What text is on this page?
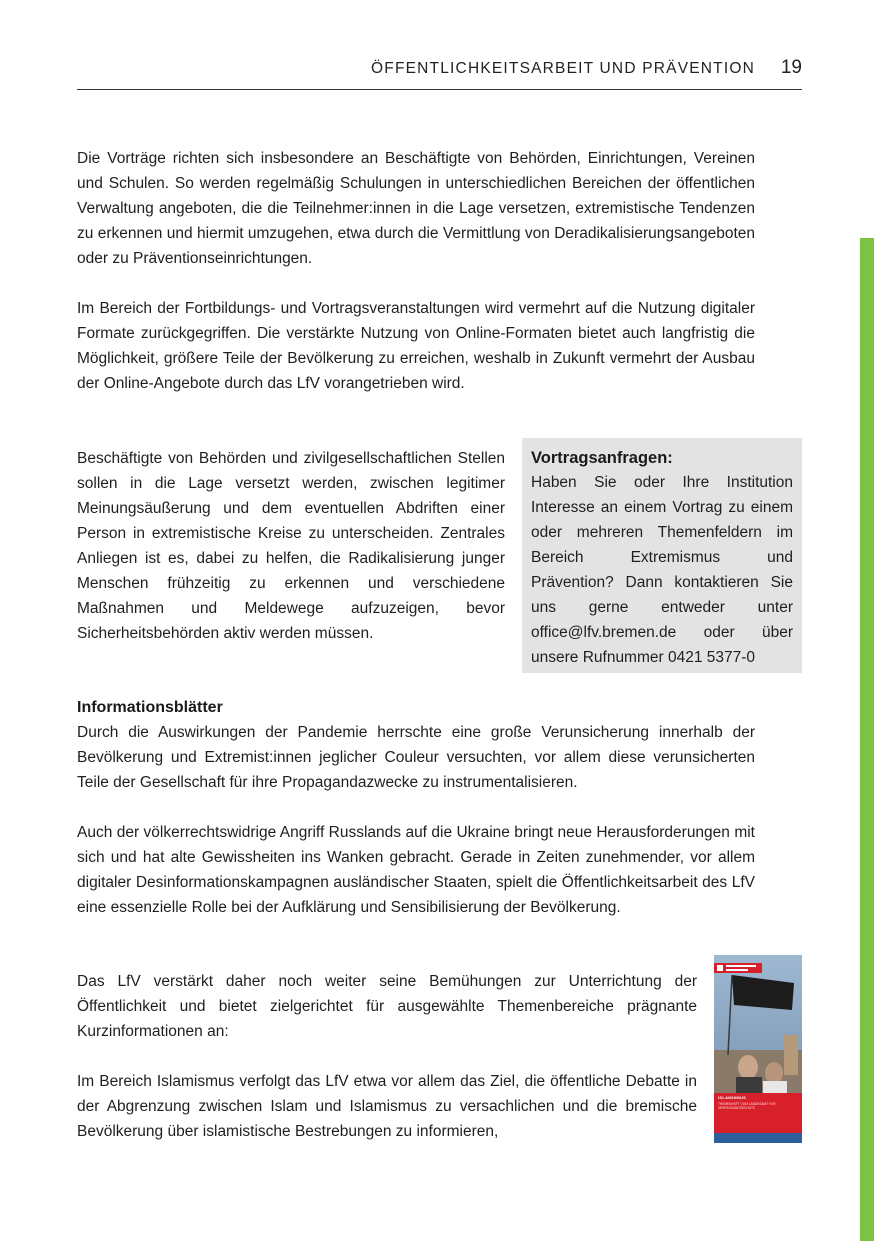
ÖFFENTLICHKEITSARBEIT UND PRÄVENTION	19

Die Vorträge richten sich insbesondere an Beschäftigte von Behörden, Einrichtungen, Vereinen und Schulen. So werden regelmäßig Schulungen in unterschiedlichen Bereichen der öffentlichen Verwaltung angeboten, die die Teilnehmer:innen in die Lage versetzen, extremistische Tendenzen zu erkennen und hiermit umzugehen, etwa durch die Vermittlung von Deradikalisierungsangeboten oder zu Präventionseinrichtungen.

Im Bereich der Fortbildungs- und Vortragsveranstaltungen wird vermehrt auf die Nutzung digitaler Formate zurückgegriffen. Die verstärkte Nutzung von Online-Formaten bietet auch langfristig die Möglichkeit, größere Teile der Bevölkerung zu erreichen, weshalb in Zukunft vermehrt der Ausbau der Online-Angebote durch das LfV vorangetrieben wird.

Beschäftigte von Behörden und zivilgesellschaftlichen Stellen sollen in die Lage versetzt werden, zwischen legitimer Meinungsäußerung und dem eventuellen Abdriften einer Person in extremistische Kreise zu unterscheiden. Zentrales Anliegen ist es, dabei zu helfen, die Radikalisierung junger Menschen frühzeitig zu erkennen und verschiedene Maßnahmen und Meldewege aufzuzeigen, bevor Sicherheitsbehörden aktiv werden müssen.

Vortragsanfragen:

Haben Sie oder Ihre Institution Interesse an einem Vortrag zu einem oder mehreren Themenfeldern im Bereich Extremismus und Prävention? Dann kontaktieren Sie uns gerne entweder unter office@lfv.bremen.de oder über unsere Rufnummer 0421 5377-0

Informationsblätter

Durch die Auswirkungen der Pandemie herrschte eine große Verunsicherung innerhalb der Bevölkerung und Extremist:innen jeglicher Couleur versuchten, vor allem diese verunsicherten Teile der Gesellschaft für ihre Propagandazwecke zu instrumentalisieren.

Auch der völkerrechtswidrige Angriff Russlands auf die Ukraine bringt neue Herausforderungen mit sich und hat alte Gewissheiten ins Wanken gebracht. Gerade in Zeiten zunehmender, vor allem digitaler Desinformationskampagnen ausländischer Staaten, spielt die Öffentlichkeitsarbeit des LfV eine essenzielle Rolle bei der Aufklärung und Sensibilisierung der Bevölkerung.

Das LfV verstärkt daher noch weiter seine Bemühungen zur Unterrichtung der Öffentlichkeit und bietet zielgerichtet für ausgewählte Themenbereiche prägnante Kurzinformationen an:

Im Bereich Islamismus verfolgt das LfV etwa vor allem das Ziel, die öffentliche Debatte in der Abgrenzung zwischen Islam und Islamismus zu versachlichen und die bremische Bevölkerung über islamistische Bestrebungen zu informieren,

ISLAMISMUS
THEMENHEFT VOM LANDESAMT FÜR VERFASSUNGSSCHUTZ
